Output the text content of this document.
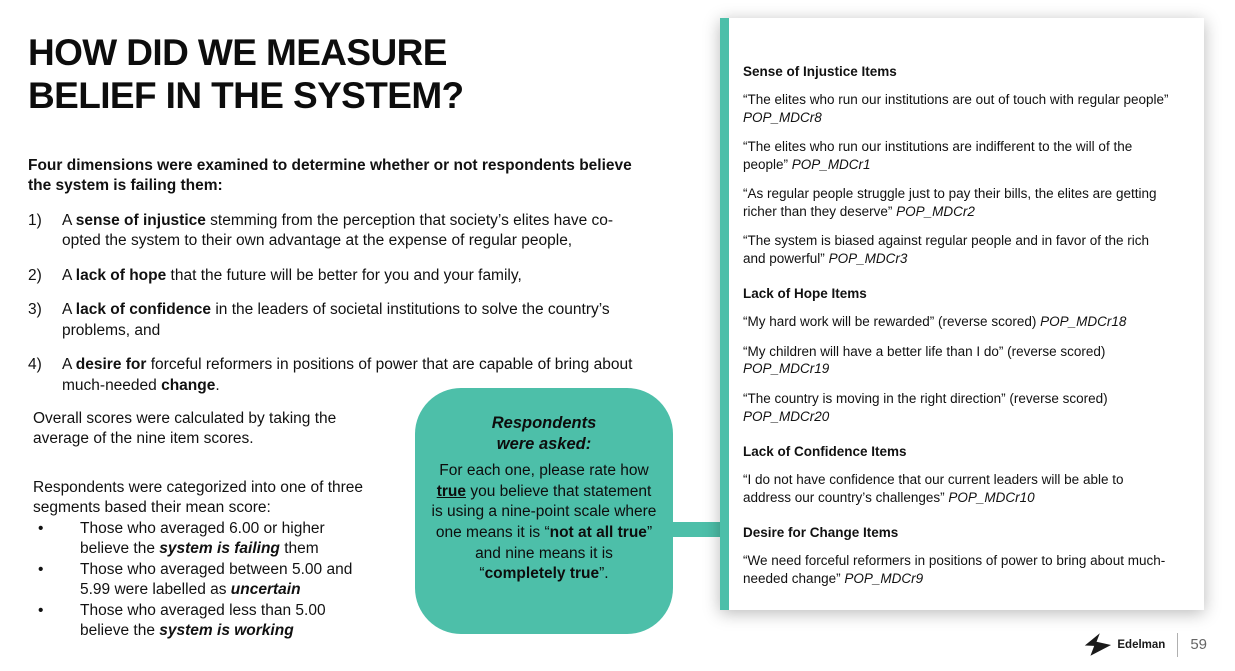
HOW DID WE MEASURE
BELIEF IN THE SYSTEM?

Four dimensions were examined to determine whether or not respondents believe the system is failing them:

1)	A sense of injustice stemming from the perception that society’s elites have co-opted the system to their own advantage at the expense of regular people,
2)	A lack of hope that the future will be better for you and your family,
3)	A lack of confidence in the leaders of societal institutions to solve the country’s problems, and
4)	A desire for forceful reformers in positions of power that are capable of bring about much-needed change.

Overall scores were calculated by taking the average of the nine item scores.

Respondents were categorized into one of three segments based their mean score:

•	Those who averaged 6.00 or higher believe the system is failing them
•	Those who averaged between 5.00 and 5.99 were labelled as uncertain
•	Those who averaged less than 5.00 believe the system is working
Respondents
were asked:
For each one, please rate how true you believe that statement is using a nine-point scale where one means it is “not at all true” and nine means it is “completely true”.
Sense of Injustice Items
“The elites who run our institutions are out of touch with regular people” POP_MDCr8
“The elites who run our institutions are indifferent to the will of the people” POP_MDCr1
“As regular people struggle just to pay their bills, the elites are getting richer than they deserve” POP_MDCr2
“The system is biased against regular people and in favor of the rich and powerful” POP_MDCr3
Lack of Hope Items
“My hard work will be rewarded” (reverse scored) POP_MDCr18
“My children will have a better life than I do” (reverse scored) POP_MDCr19
“The country is moving in the right direction” (reverse scored) POP_MDCr20
Lack of Confidence Items
“I do not have confidence that our current leaders will be able to address our country’s challenges” POP_MDCr10
Desire for Change Items
“We need forceful reformers in positions of power to bring about much-needed change” POP_MDCr9
Edelman 59
